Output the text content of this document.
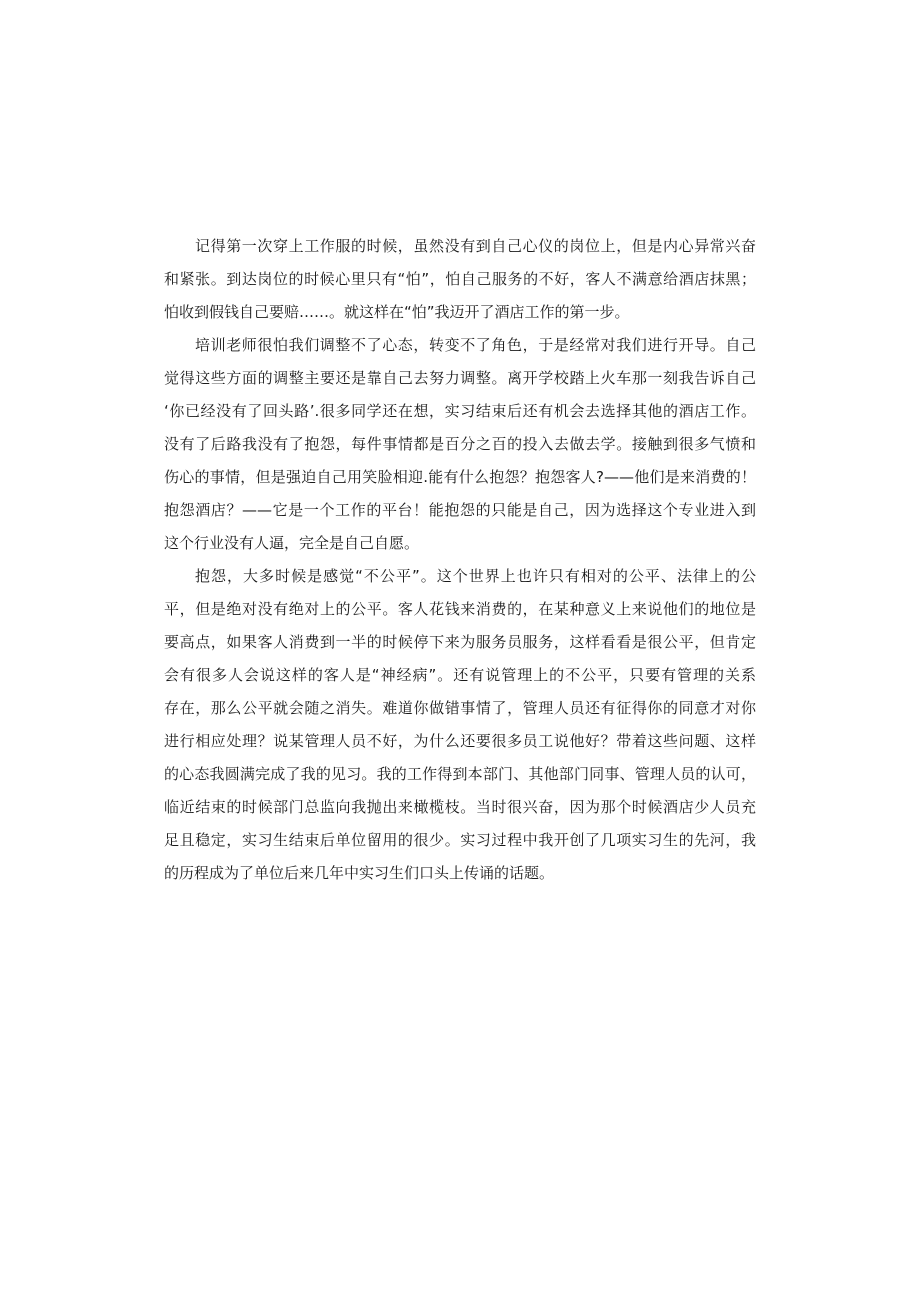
记得第一次穿上工作服的时候，虽然没有到自己心仪的岗位上，但是内心异常兴奋
和紧张。到达岗位的时候心里只有“怕”，怕自己服务的不好，客人不满意给酒店抹黑；
怕收到假钱自己要赔……。就这样在“怕”我迈开了酒店工作的第一步。

培训老师很怕我们调整不了心态，转变不了角色，于是经常对我们进行开导。自己
觉得这些方面的调整主要还是靠自己去努力调整。离开学校踏上火车那一刻我告诉自己
‘你已经没有了回头路’.很多同学还在想，实习结束后还有机会去选择其他的酒店工作。
没有了后路我没有了抱怨，每件事情都是百分之百的投入去做去学。接触到很多气愤和
伤心的事情，但是强迫自己用笑脸相迎.能有什么抱怨？抱怨客人?——他们是来消费的！
抱怨酒店？——它是一个工作的平台！能抱怨的只能是自己，因为选择这个专业进入到
这个行业没有人逼，完全是自己自愿。

抱怨，大多时候是感觉“不公平”。这个世界上也许只有相对的公平、法律上的公
平，但是绝对没有绝对上的公平。客人花钱来消费的，在某种意义上来说他们的地位是
要高点，如果客人消费到一半的时候停下来为服务员服务，这样看看是很公平，但肯定
会有很多人会说这样的客人是“神经病”。还有说管理上的不公平，只要有管理的关系
存在，那么公平就会随之消失。难道你做错事情了，管理人员还有征得你的同意才对你
进行相应处理？说某管理人员不好，为什么还要很多员工说他好？带着这些问题、这样
的心态我圆满完成了我的见习。我的工作得到本部门、其他部门同事、管理人员的认可，
临近结束的时候部门总监向我抛出来橄榄枝。当时很兴奋，因为那个时候酒店少人员充
足且稳定，实习生结束后单位留用的很少。实习过程中我开创了几项实习生的先河，我
的历程成为了单位后来几年中实习生们口头上传诵的话题。
